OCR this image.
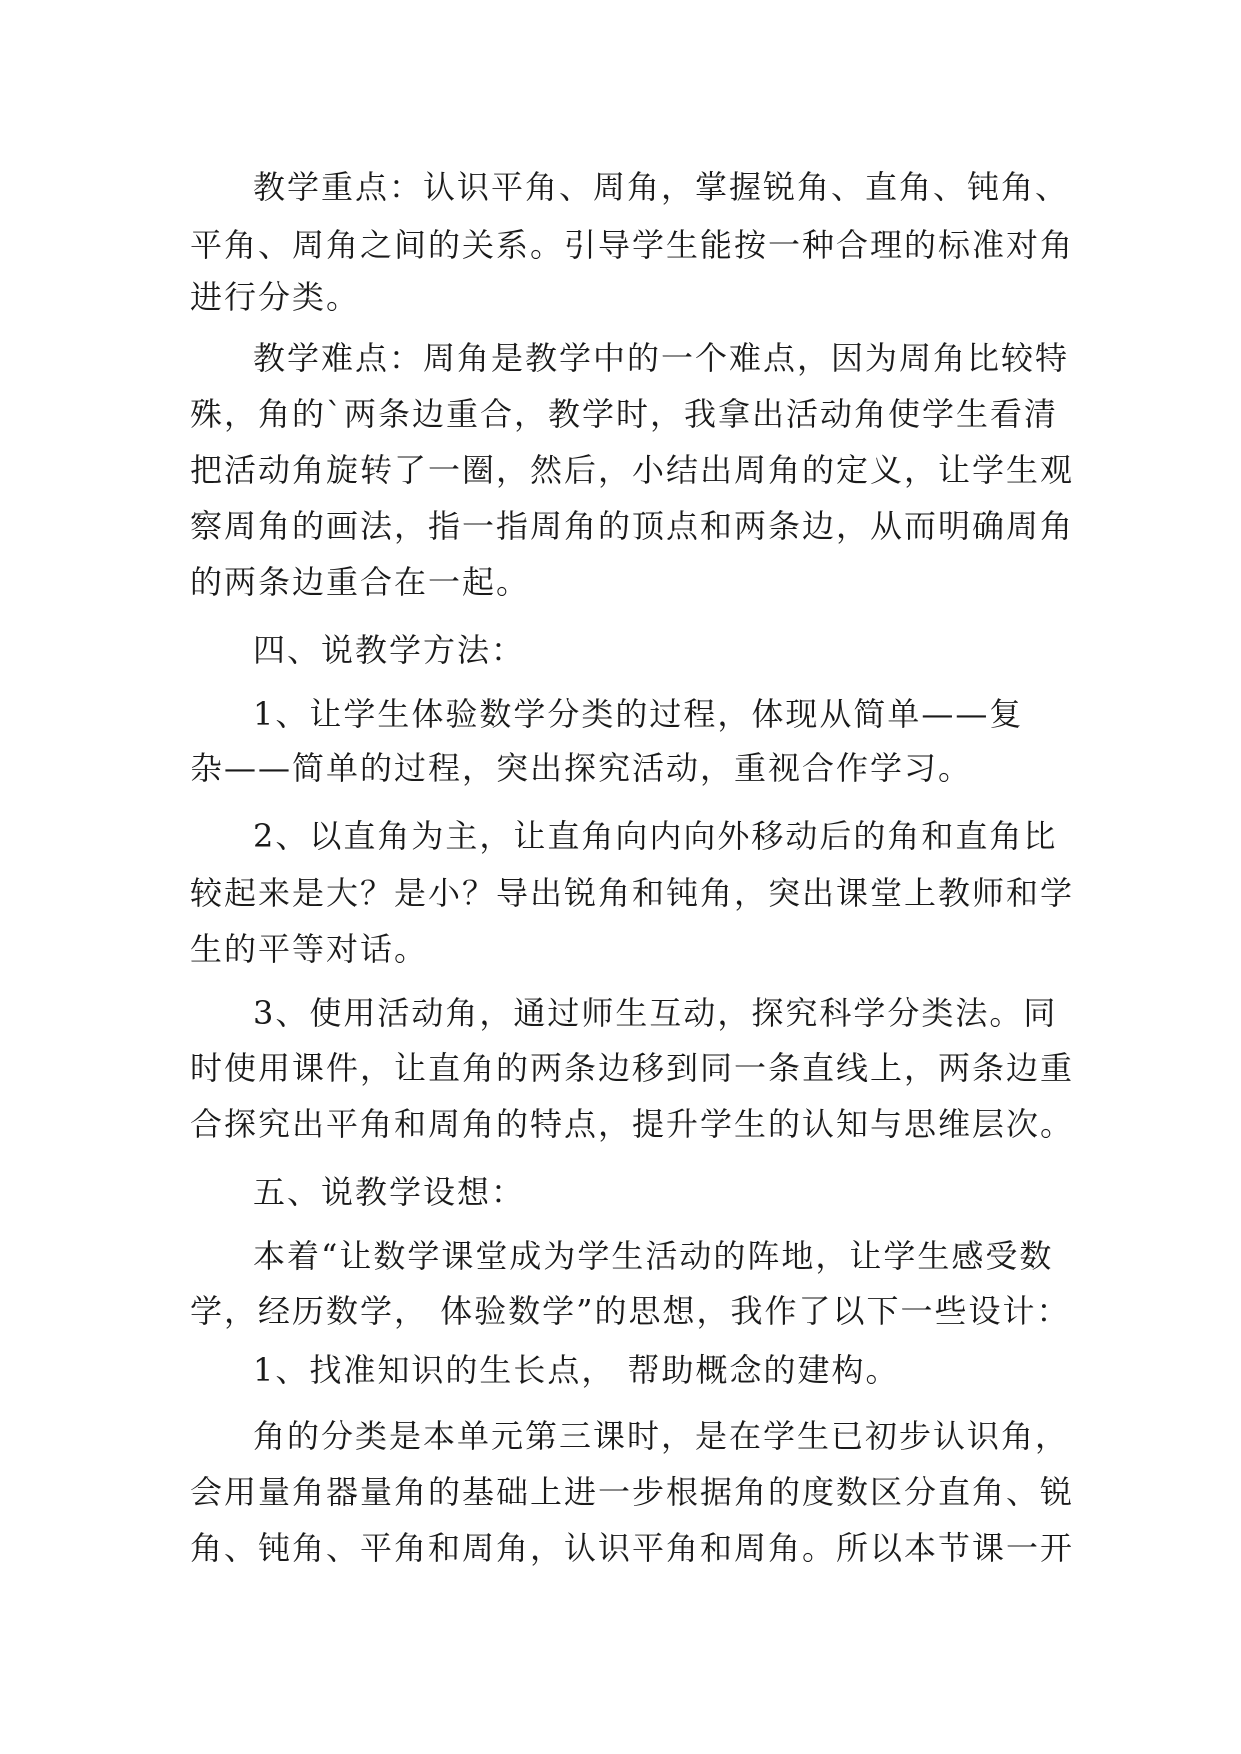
教学重点：认识平角、周角，掌握锐角、直角、钝角、
平角、周角之间的关系。引导学生能按一种合理的标准对角
进行分类。
教学难点：周角是教学中的一个难点，因为周角比较特
殊，角的`两条边重合，教学时，我拿出活动角使学生看清
把活动角旋转了一圈，然后，小结出周角的定义，让学生观
察周角的画法，指一指周角的顶点和两条边，从而明确周角
的两条边重合在一起。
四、说教学方法：
1、让学生体验数学分类的过程，体现从简单——复
杂——简单的过程，突出探究活动，重视合作学习。
2、以直角为主，让直角向内向外移动后的角和直角比
较起来是大？是小？导出锐角和钝角，突出课堂上教师和学
生的平等对话。
3、使用活动角，通过师生互动，探究科学分类法。同
时使用课件，让直角的两条边移到同一条直线上，两条边重
合探究出平角和周角的特点，提升学生的认知与思维层次。
五、说教学设想：
本着“让数学课堂成为学生活动的阵地，让学生感受数
学，经历数学， 体验数学”的思想，我作了以下一些设计：
1、找准知识的生长点， 帮助概念的建构。
角的分类是本单元第三课时，是在学生已初步认识角，
会用量角器量角的基础上进一步根据角的度数区分直角、锐
角、钝角、平角和周角，认识平角和周角。所以本节课一开
